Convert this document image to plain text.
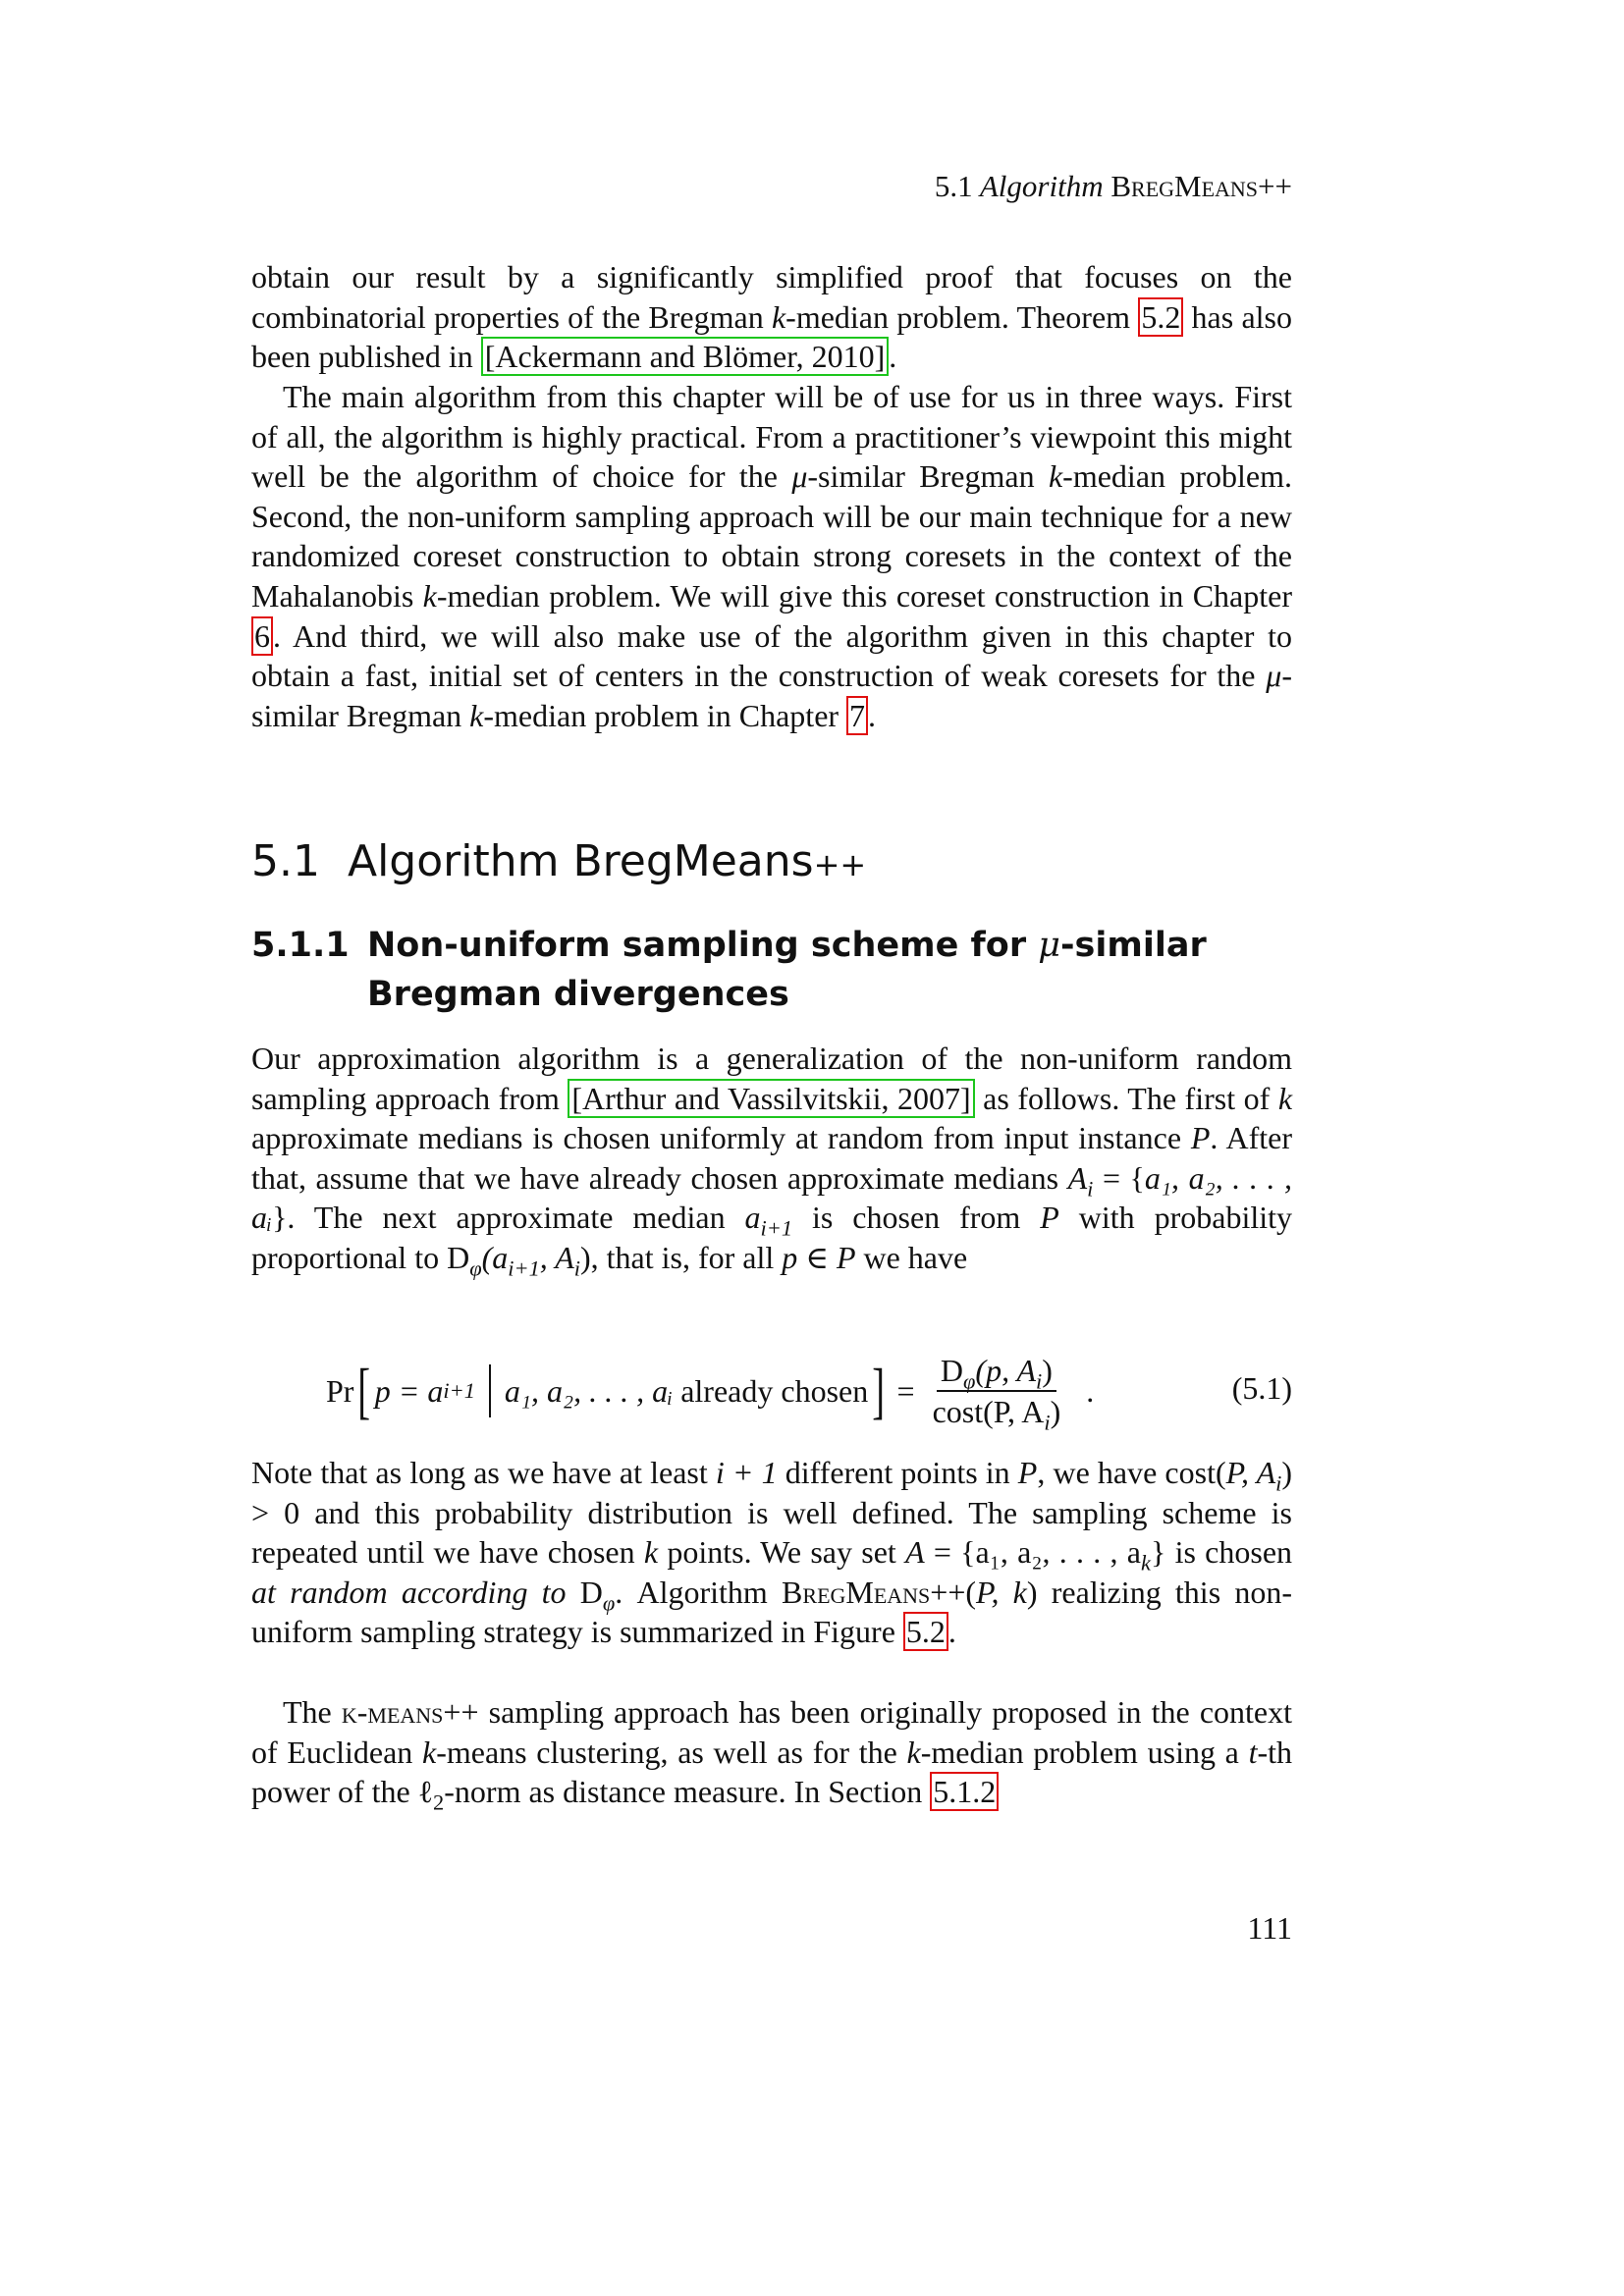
5.1 Algorithm BregMeans++

obtain our result by a significantly simplified proof that focuses on the combinatorial properties of the Bregman k-median problem. Theorem 5.2 has also been published in [Ackermann and Blömer, 2010] .

The main algorithm from this chapter will be of use for us in three ways. First of all, the algorithm is highly practical. From a practitioner’s viewpoint this might well be the algorithm of choice for the μ-similar Bregman k-median problem. Second, the non-uniform sampling approach will be our main technique for a new randomized coreset construction to obtain strong coresets in the context of the Mahalanobis k-median problem. We will give this coreset construction in Chapter 6. And third, we will also make use of the algorithm given in this chapter to obtain a fast, initial set of centers in the construction of weak coresets for the μ-similar Bregman k-median problem in Chapter 7.

5.1 Algorithm BregMeans++
5.1.1 Non-uniform sampling scheme for μ-similar Bregman divergences

Our approximation algorithm is a generalization of the non-uniform random sampling approach from [Arthur and Vassilvitskii, 2007] as follows. The first of k approximate medians is chosen uniformly at random from input instance P. After that, assume that we have already chosen approximate medians $A_i = \{a_1$, a₂, . . . , aᵢ}. The next approximate median $a_{i+1}$ is chosen from P with probability proportional to $D_\varphi(a_{i+1}$, $A_i$), that is, for all p ∈ P we have

Pr [ p = a i+1 a₁, a₂, . . . , aᵢ
already chosen ]
=
$\frac{D_\varphi(p, A_i)}{\cos t(P, A_i)}$
.	(5.1)

Note that as long as we have at least i + 1 different points in P, we have cost(P, $A_i) > 0$ and this probability distribution is well defined. The sampling scheme is repeated until we have chosen k points. We say set A = {a₁, a₂, . . . , $a_k$} is chosen at random according to $D_\varphi$. Algorithm BregMeans++(P, k) realizing this non-uniform sampling strategy is summarized in Figure 5.2.

The k-means++ sampling approach has been originally proposed in the context of Euclidean k-means clustering, as well as for the k-median problem using a t-th power of the ℓ$_2$-norm as distance measure. In Section 5.1.2

111
